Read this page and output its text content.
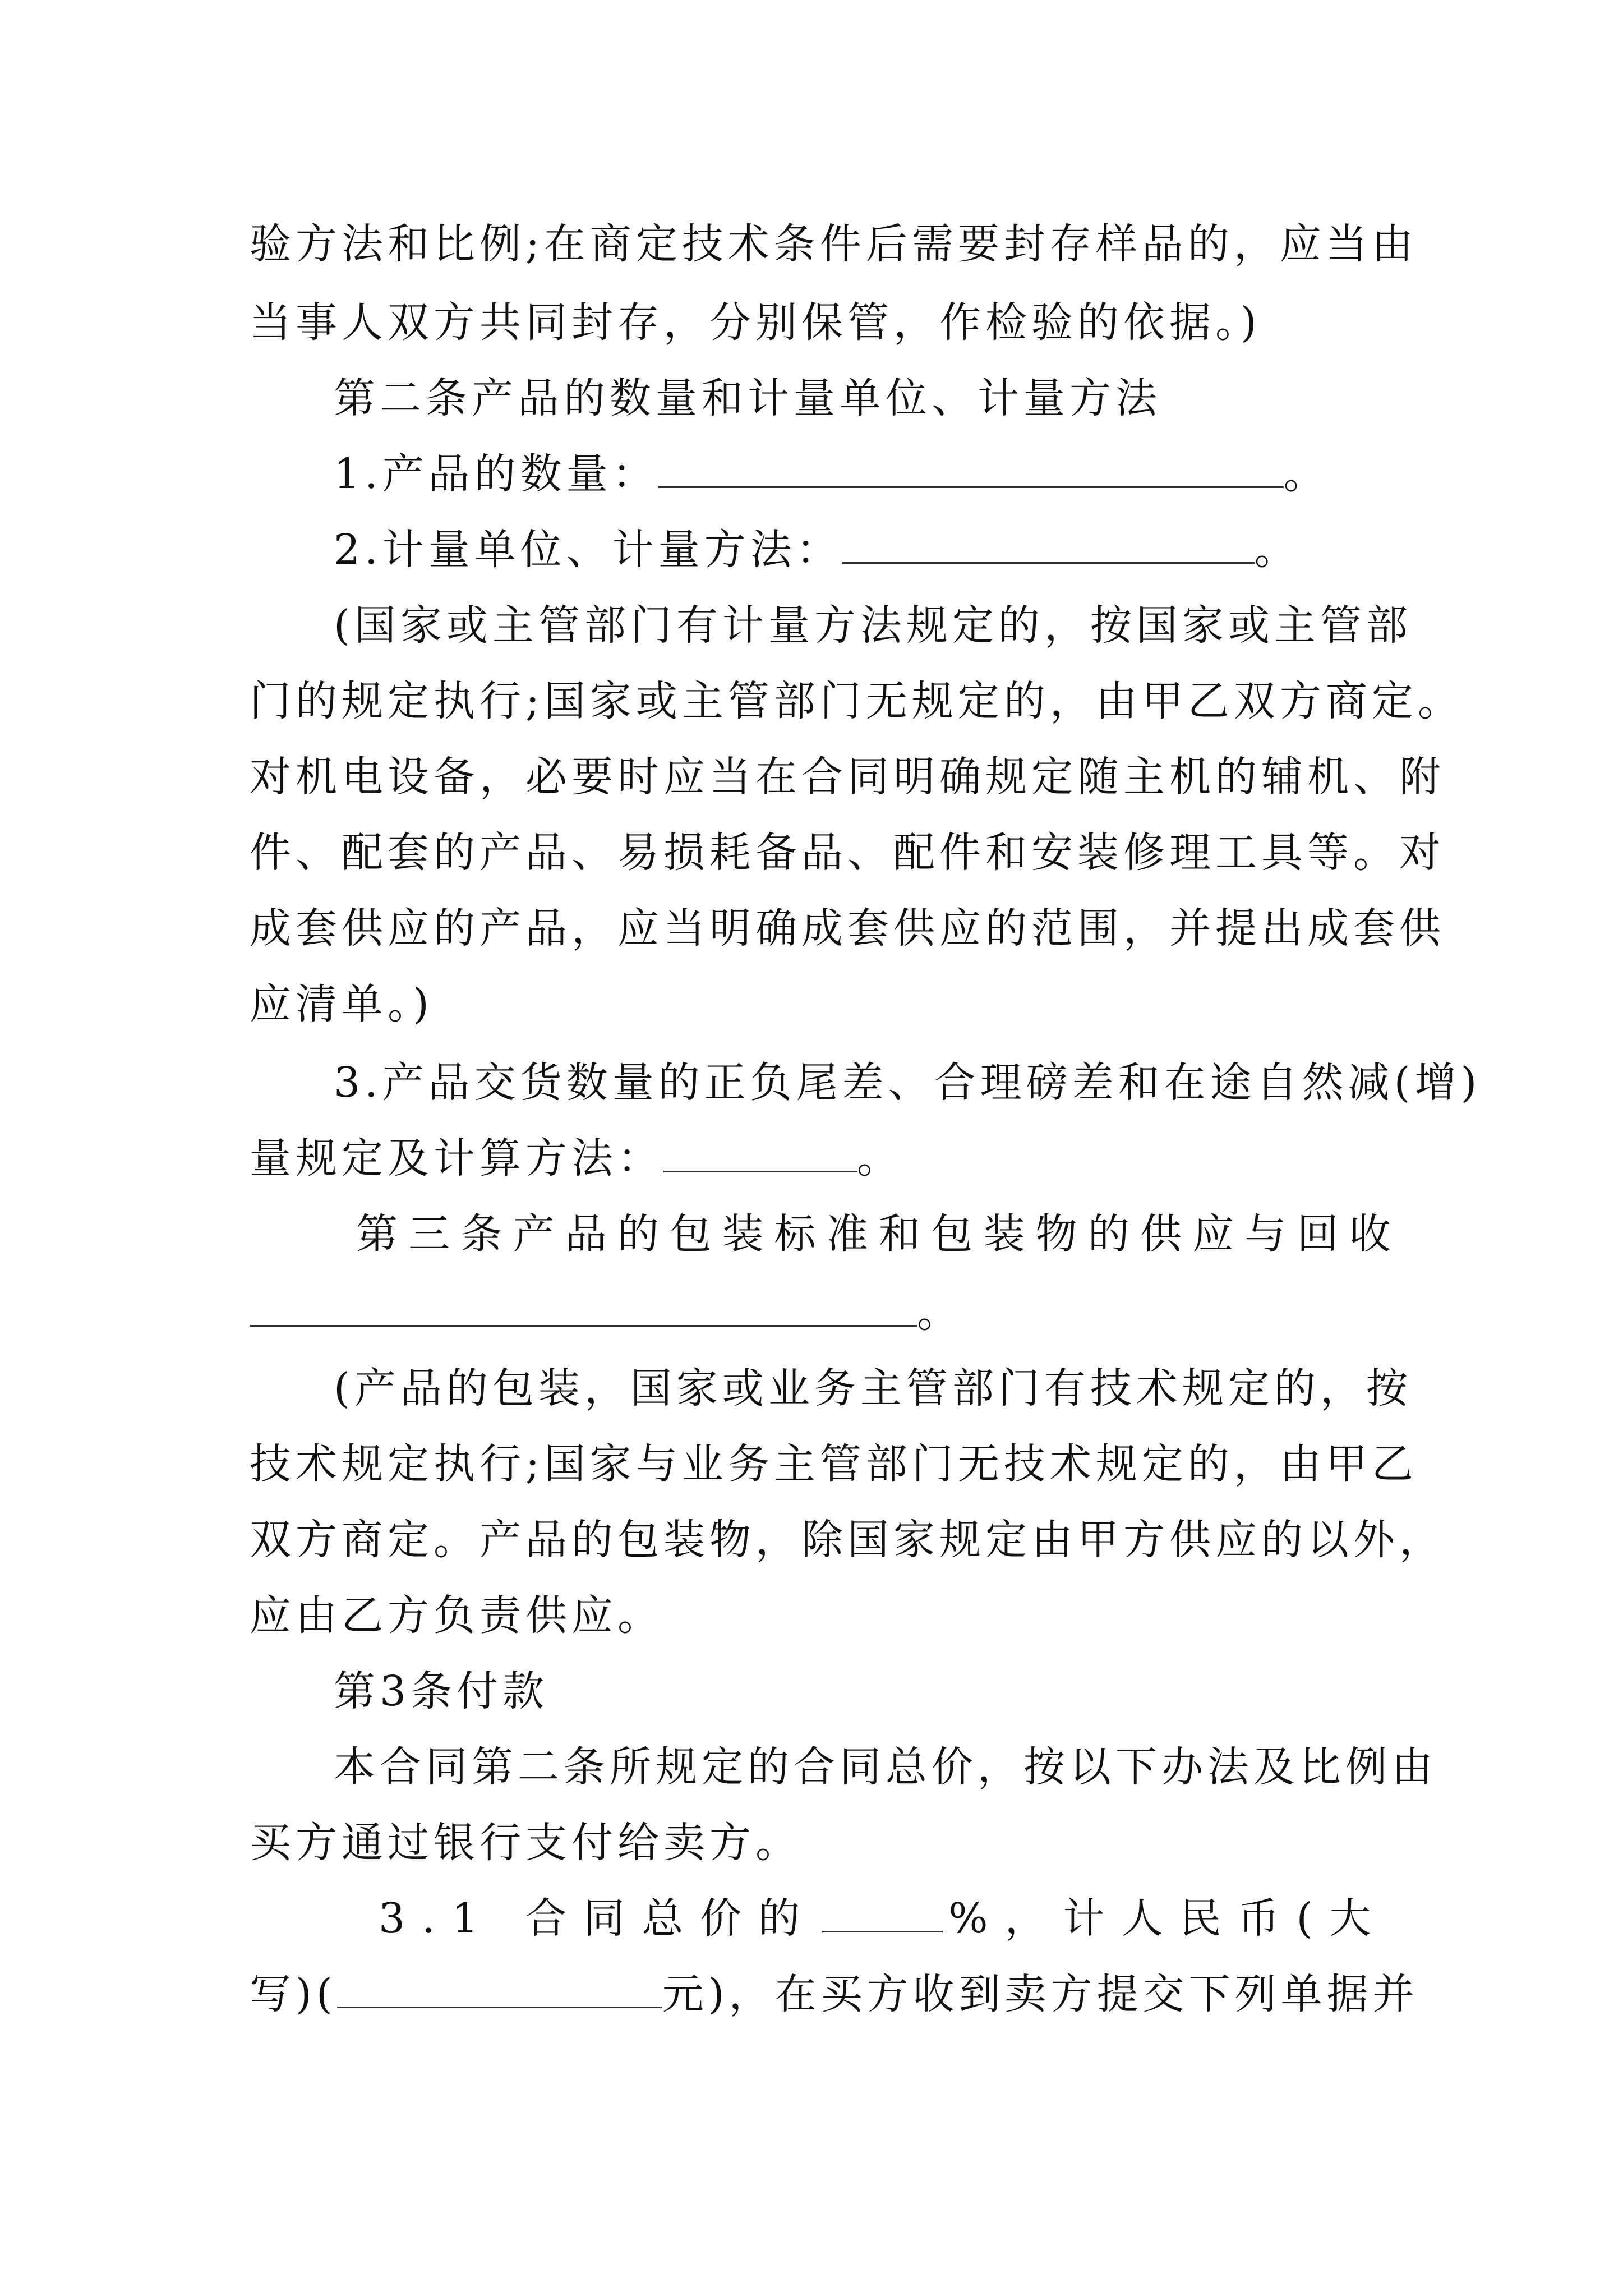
验方法和比例;在商定技术条件后需要封存样品的，应当由
当事人双方共同封存，分别保管，作检验的依据。)
第二条产品的数量和计量单位、计量方法
1.产品的数量：	。
2.计量单位、计量方法：	。
(国家或主管部门有计量方法规定的，按国家或主管部
门的规定执行;国家或主管部门无规定的，由甲乙双方商定。
对机电设备，必要时应当在合同明确规定随主机的辅机、附
件、配套的产品、易损耗备品、配件和安装修理工具等。对
成套供应的产品，应当明确成套供应的范围，并提出成套供
应清单。)
3.产品交货数量的正负尾差、合理磅差和在途自然减(增)
量规定及计算方法：	。
第 三 条 产 品 的 包 装 标 准 和 包 装 物 的 供 应 与 回 收
。
(产品的包装，国家或业务主管部门有技术规定的，按
技术规定执行;国家与业务主管部门无技术规定的，由甲乙
双方商定。产品的包装物，除国家规定由甲方供应的以外，
应由乙方负责供应。
第3条付款
本合同第二条所规定的合同总价，按以下办法及比例由
买方通过银行支付给卖方。
3.1 合同总价的	%，计人民币(大
写)(	元)，在买方收到卖方提交下列单据并
